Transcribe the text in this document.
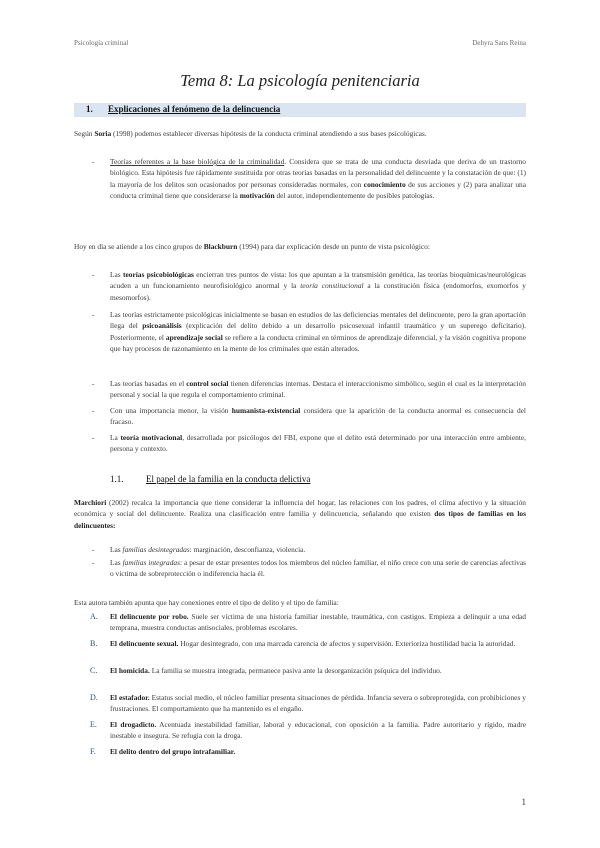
Psicología criminal	Dehyra Sans Reina
Tema 8: La psicología penitenciaria
1. Explicaciones al fenómeno de la delincuencia
Según Soria (1998) podemos establecer diversas hipótesis de la conducta criminal atendiendo a sus bases psicológicas.
- Teorías referentes a la base biológica de la criminalidad. Considera que se trata de una conducta desviada que deriva de un trastorno biológico. Esta hipótesis fue rápidamente sustituida por otras teorías basadas en la personalidad del delincuente y la constatación de que: (1) la mayoría de los delitos son ocasionados por personas consideradas normales, con conocimiento de sus acciones y (2) para analizar una conducta criminal tiene que considerarse la motivación del autor, independientemente de posibles patologías.
Hoy en día se atiende a los cinco grupos de Blackburn (1994) para dar explicación desde un punto de vista psicológico:
- Las teorías psicobiológicas encierran tres puntos de vista: los que apuntan a la transmisión genética, las teorías bioquímicas/neurológicas acuden a un funcionamiento neurofisiológico anormal y la teoría constitucional a la constitución física (endomorfos, exomorfos y mesomorfos).
- Las teorías estrictamente psicológicas inicialmente se basan en estudios de las deficiencias mentales del delincuente, pero la gran aportación llega del psicoanálisis (explicación del delito debido a un desarrollo psicosexual infantil traumático y un superego deficitario). Posteriormente, el aprendizaje social se refiere a la conducta criminal en términos de aprendizaje diferencial, y la visión cognitiva propone que hay procesos de razonamiento en la mente de los criminales que están alterados.
- Las teorías basadas en el control social tienen diferencias internas. Destaca el interaccionismo simbólico, según el cual es la interpretación personal y social la que regula el comportamiento criminal.
- Con una importancia menor, la visión humanista-existencial considera que la aparición de la conducta anormal es consecuencia del fracaso.
- La teoría motivacional, desarrollada por psicólogos del FBI, expone que el delito está determinado por una interacción entre ambiente, persona y contexto.
1.1.	El papel de la familia en la conducta delictiva
Marchiori (2002) recalca la importancia que tiene considerar la influencia del hogar, las relaciones con los padres, el clima afectivo y la situación económica y social del delincuente. Realiza una clasificación entre familia y delincuencia, señalando que existen dos tipos de familias en los delincuentes:
- Las familias desintegradas: marginación, desconfianza, violencia.
- Las familias integradas: a pesar de estar presentes todos los miembros del núcleo familiar, el niño crece con una serie de carencias afectivas o víctima de sobreprotección o indiferencia hacia él.
Esta autora también apunta que hay conexiones entre el tipo de delito y el tipo de familia:
A. El delincuente por robo. Suele ser víctima de una historia familiar inestable, traumática, con castigos. Empieza a delinquir a una edad temprana, muestra conductas antisociales, problemas escolares.
B. El delincuente sexual. Hogar desintegrado, con una marcada carencia de afectos y supervisión. Exterioriza hostilidad hacia la autoridad.
C. El homicida. La familia se muestra integrada, permanece pasiva ante la desorganización psíquica del individuo.
D. El estafador. Estatus social medio, el núcleo familiar presenta situaciones de pérdida. Infancia severa o sobreprotegida, con prohibiciones y frustraciones. El comportamiento que ha mantenido es el engaño.
E. El drogadicto. Acentuada inestabilidad familiar, laboral y educacional, con oposición a la familia. Padre autoritario y rígido, madre inestable e insegura. Se refugia con la droga.
F. El delito dentro del grupo intrafamiliar.
1
